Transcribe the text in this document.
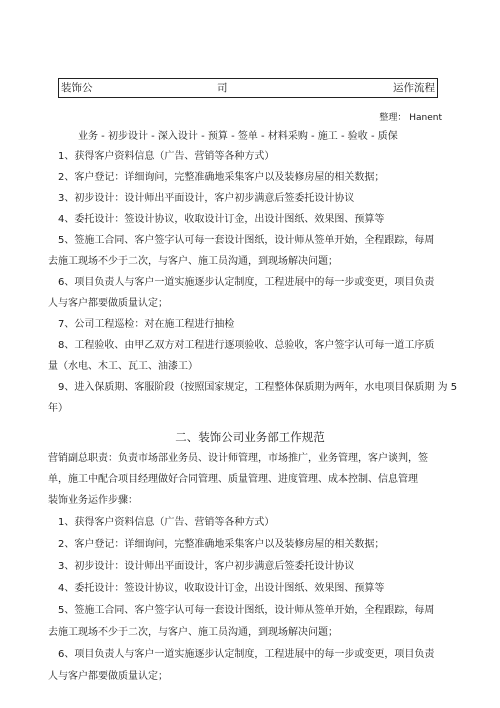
装饰公	司	运作流程
整理： Hanent
业务 - 初步设计 - 深入设计 - 预算 - 签单 - 材料采购 - 施工 - 验收 - 质保
1、获得客户资料信息（广告、营销等各种方式）
2、客户登记：详细询问，完整准确地采集客户以及装修房屋的相关数据；
3、初步设计：设计师出平面设计，客户初步满意后签委托设计协议
4、委托设计：签设计协议，收取设计订金，出设计图纸、效果图、预算等
5、签施工合同、客户签字认可每一套设计图纸，设计师从签单开始，全程跟踪，每周
去施工现场不少于二次，与客户、施工员沟通，到现场解决问题；
6、项目负责人与客户一道实施逐步认定制度，工程进展中的每一步或变更，项目负责
人与客户都要做质量认定；
7、公司工程巡检：对在施工程进行抽检
8、工程验收、由甲乙双方对工程进行逐项验收、总验收，客户签字认可每一道工序质
量（水电、木工、瓦工、油漆工）
9、进入保质期、客服阶段（按照国家规定，工程整体保质期为两年，水电项目保质期 为 5
年）
二、装饰公司业务部工作规范
营销副总职责：负责市场部业务员、设计师管理，市场推广，业务管理，客户谈判，签
单，施工中配合项目经理做好合同管理、质量管理、进度管理、成本控制、信息管理
装饰业务运作步骤：
1、获得客户资料信息（广告、营销等各种方式）
2、客户登记：详细询问，完整准确地采集客户以及装修房屋的相关数据；
3、初步设计：设计师出平面设计，客户初步满意后签委托设计协议
4、委托设计：签设计协议，收取设计订金，出设计图纸、效果图、预算等
5、签施工合同、客户签字认可每一套设计图纸，设计师从签单开始，全程跟踪，每周
去施工现场不少于二次，与客户、施工员沟通，到现场解决问题；
6、项目负责人与客户一道实施逐步认定制度，工程进展中的每一步或变更，项目负责
人与客户都要做质量认定；
